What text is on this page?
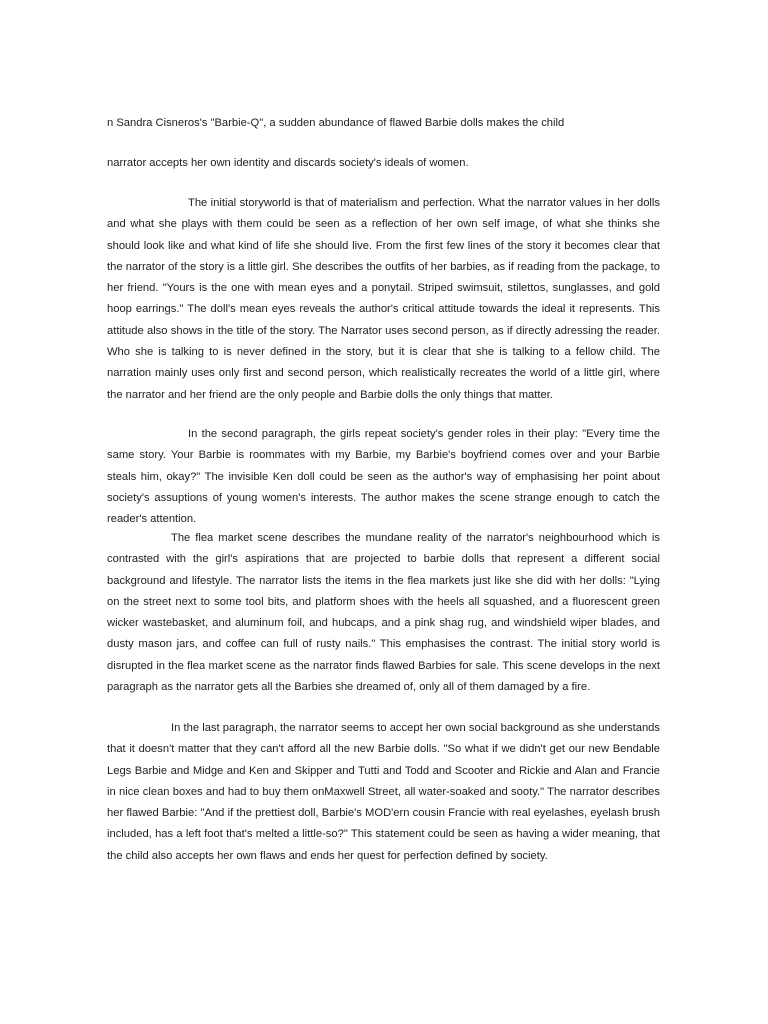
n Sandra Cisneros's "Barbie-Q", a sudden abundance of flawed Barbie dolls makes the child

narrator accepts her own identity and discards society's ideals of women.

The initial storyworld is that of materialism and perfection. What the narrator values in her dolls and what she plays with them could be seen as a reflection of her own self image, of what she thinks she should look like and what kind of life she should live. From the first few lines of the story it becomes clear that the narrator of the story is a little girl. She describes the outfits of her barbies, as if reading from the package, to her friend. "Yours is the one with mean eyes and a ponytail. Striped swimsuit, stilettos, sunglasses, and gold hoop earrings." The doll's mean eyes reveals the author's critical attitude towards the ideal it represents. This attitude also shows in the title of the story. The Narrator uses second person, as if directly adressing the reader. Who she is talking to is never defined in the story, but it is clear that she is talking to a fellow child. The narration mainly uses only first and second person, which realistically recreates the world of a little girl, where the narrator and her friend are the only people and Barbie dolls the only things that matter.

In the second paragraph, the girls repeat society's gender roles in their play: "Every time the same story. Your Barbie is roommates with my Barbie, my Barbie's boyfriend comes over and your Barbie steals him, okay?" The invisible Ken doll could be seen as the author's way of emphasising her point about society's assuptions of young women's interests. The author makes the scene strange enough to catch the reader's attention.

The flea market scene describes the mundane reality of the narrator's neighbourhood which is contrasted with the girl's aspirations that are projected to barbie dolls that represent a different social background and lifestyle. The narrator lists the items in the flea markets just like she did with her dolls: "Lying on the street next to some tool bits, and platform shoes with the heels all squashed, and a fluorescent green wicker wastebasket, and aluminum foil, and hubcaps, and a pink shag rug, and windshield wiper blades, and dusty mason jars, and coffee can full of rusty nails." This emphasises the contrast. The initial story world is disrupted in the flea market scene as the narrator finds flawed Barbies for sale. This scene develops in the next paragraph as the narrator gets all the Barbies she dreamed of, only all of them damaged by a fire.

In the last paragraph, the narrator seems to accept her own social background as she understands that it doesn't matter that they can't afford all the new Barbie dolls. "So what if we didn't get our new Bendable Legs Barbie and Midge and Ken and Skipper and Tutti and Todd and Scooter and Rickie and Alan and Francie in nice clean boxes and had to buy them onMaxwell Street, all water-soaked and sooty." The narrator describes her flawed Barbie: "And if the prettiest doll, Barbie's MOD'ern cousin Francie with real eyelashes, eyelash brush included, has a left foot that's melted a little-so?" This statement could be seen as having a wider meaning, that the child also accepts her own flaws and ends her quest for perfection defined by society.
